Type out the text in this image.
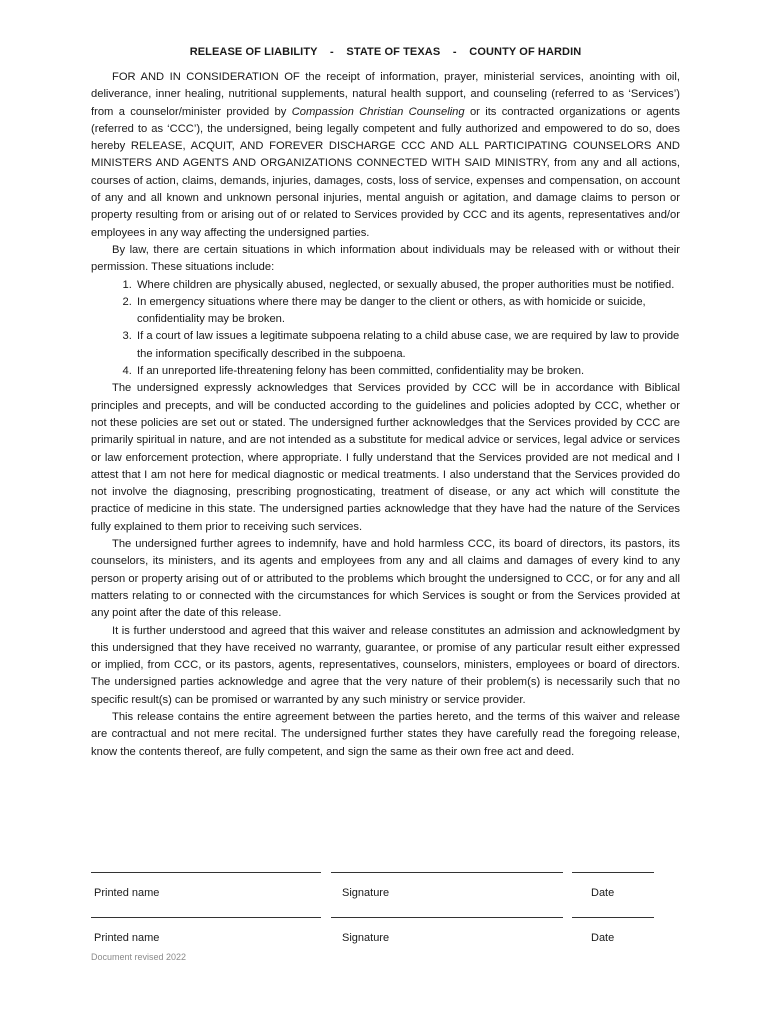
RELEASE OF LIABILITY    -    STATE OF TEXAS    -    COUNTY OF HARDIN

FOR AND IN CONSIDERATION OF the receipt of information, prayer, ministerial services, anointing with oil, deliverance, inner healing, nutritional supplements, natural health support, and counseling (referred to as ‘Services’) from a counselor/minister provided by Compassion Christian Counseling or its contracted organizations or agents (referred to as ‘CCC’), the undersigned, being legally competent and fully authorized and empowered to do so, does hereby RELEASE, ACQUIT, AND FOREVER DISCHARGE CCC AND ALL PARTICIPATING COUNSELORS AND MINISTERS AND AGENTS AND ORGANIZATIONS CONNECTED WITH SAID MINISTRY, from any and all actions, courses of action, claims, demands, injuries, damages, costs, loss of service, expenses and compensation, on account of any and all known and unknown personal injuries, mental anguish or agitation, and damage claims to person or property resulting from or arising out of or related to Services provided by CCC and its agents, representatives and/or employees in any way affecting the undersigned parties.

By law, there are certain situations in which information about individuals may be released with or without their permission. These situations include:

1. Where children are physically abused, neglected, or sexually abused, the proper authorities must be notified.
2. In emergency situations where there may be danger to the client or others, as with homicide or suicide, confidentiality may be broken.
3. If a court of law issues a legitimate subpoena relating to a child abuse case, we are required by law to provide the information specifically described in the subpoena.
4. If an unreported life-threatening felony has been committed, confidentiality may be broken.

The undersigned expressly acknowledges that Services provided by CCC will be in accordance with Biblical principles and precepts, and will be conducted according to the guidelines and policies adopted by CCC, whether or not these policies are set out or stated. The undersigned further acknowledges that the Services provided by CCC are primarily spiritual in nature, and are not intended as a substitute for medical advice or services, legal advice or services or law enforcement protection, where appropriate. I fully understand that the Services provided are not medical and I attest that I am not here for medical diagnostic or medical treatments. I also understand that the Services provided do not involve the diagnosing, prescribing prognosticating, treatment of disease, or any act which will constitute the practice of medicine in this state. The undersigned parties acknowledge that they have had the nature of the Services fully explained to them prior to receiving such services.

The undersigned further agrees to indemnify, have and hold harmless CCC, its board of directors, its pastors, its counselors, its ministers, and its agents and employees from any and all claims and damages of every kind to any person or property arising out of or attributed to the problems which brought the undersigned to CCC, or for any and all matters relating to or connected with the circumstances for which Services is sought or from the Services provided at any point after the date of this release.

It is further understood and agreed that this waiver and release constitutes an admission and acknowledgment by this undersigned that they have received no warranty, guarantee, or promise of any particular result either expressed or implied, from CCC, or its pastors, agents, representatives, counselors, ministers, employees or board of directors. The undersigned parties acknowledge and agree that the very nature of their problem(s) is necessarily such that no specific result(s) can be promised or warranted by any such ministry or service provider.

This release contains the entire agreement between the parties hereto, and the terms of this waiver and release are contractual and not mere recital. The undersigned further states they have carefully read the foregoing release, know the contents thereof, are fully competent, and sign the same as their own free act and deed.

Printed name	Signature	Date
Printed name	Signature	Date
Document revised 2022
